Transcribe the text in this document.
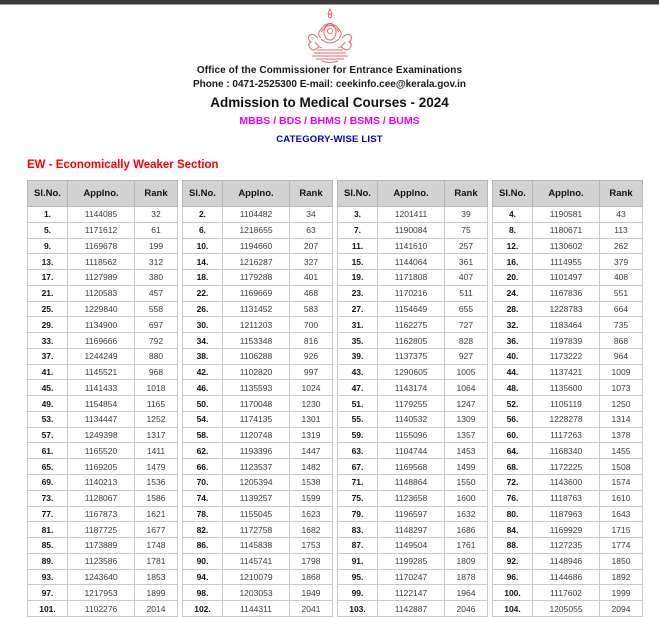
Office of the Commissioner for Entrance Examinations
Phone : 0471-2525300 E-mail: ceekinfo.cee@kerala.gov.in
Admission to Medical Courses - 2024
MBBS / BDS / BHMS / BSMS / BUMS
CATEGORY-WISE LIST
EW - Economically Weaker Section
Sl.No.	Applno.	Rank
1.	1144085	32
5.	1171612	61
9.	1169678	199
13.	1118562	312
17.	1127989	380
21.	1120583	457
25.	1229840	558
29.	1134900	697
33.	1169666	792
37.	1244249	880
41.	1145521	968
45.	1141433	1018
49.	1154854	1165
53.	1134447	1252
57.	1249398	1317
61.	1165520	1411
65.	1169205	1479
69.	1140213	1536
73.	1128067	1586
77.	1167873	1621
81.	1187725	1677
85.	1173889	1748
89.	1123586	1781
93.	1243640	1853
97.	1217953	1899
101.	1102276	2014
Sl.No.	Applno.	Rank
2.	1104482	34
6.	1218655	63
10.	1194660	207
14.	1216287	327
18.	1179288	401
22.	1169669	468
26.	1131452	583
30.	1211203	700
34.	1153348	816
38.	1106288	926
42.	1102820	997
46.	1135593	1024
50.	1170048	1230
54.	1174135	1301
58.	1120748	1319
62.	1193396	1447
66.	1123537	1482
70.	1205394	1538
74.	1139257	1599
78.	1155045	1623
82.	1172758	1682
86.	1145838	1753
90.	1145741	1798
94.	1210079	1868
98.	1203053	1949
102.	1144311	2041
Sl.No.	Applno.	Rank
3.	1201411	39
7.	1190084	75
11.	1141610	257
15.	1144064	361
19.	1171808	407
23.	1170216	511
27.	1154649	655
31.	1162275	727
35.	1162805	828
39.	1137375	927
43.	1290605	1005
47.	1143174	1064
51.	1179255	1247
55.	1140532	1309
59.	1155096	1357
63.	1104744	1453
67.	1169568	1499
71.	1148864	1550
75.	1123658	1600
79.	1196597	1632
83.	1148297	1686
87.	1149504	1761
91.	1199285	1809
95.	1170247	1878
99.	1122147	1964
103.	1142887	2046
Sl.No.	Applno.	Rank
4.	1190581	43
8.	1180671	113
12.	1130602	262
16.	1114955	379
20.	1101497	408
24.	1167836	551
28.	1228783	664
32.	1183464	735
36.	1197839	868
40.	1173222	964
44.	1137421	1009
48.	1135600	1073
52.	1105119	1250
56.	1228278	1314
60.	1117263	1378
64.	1168340	1455
68.	1172225	1508
72.	1143600	1574
76.	1118763	1610
80.	1187963	1643
84.	1169929	1715
88.	1127235	1774
92.	1148946	1850
96.	1144686	1892
100.	1117602	1999
104.	1205055	2094
